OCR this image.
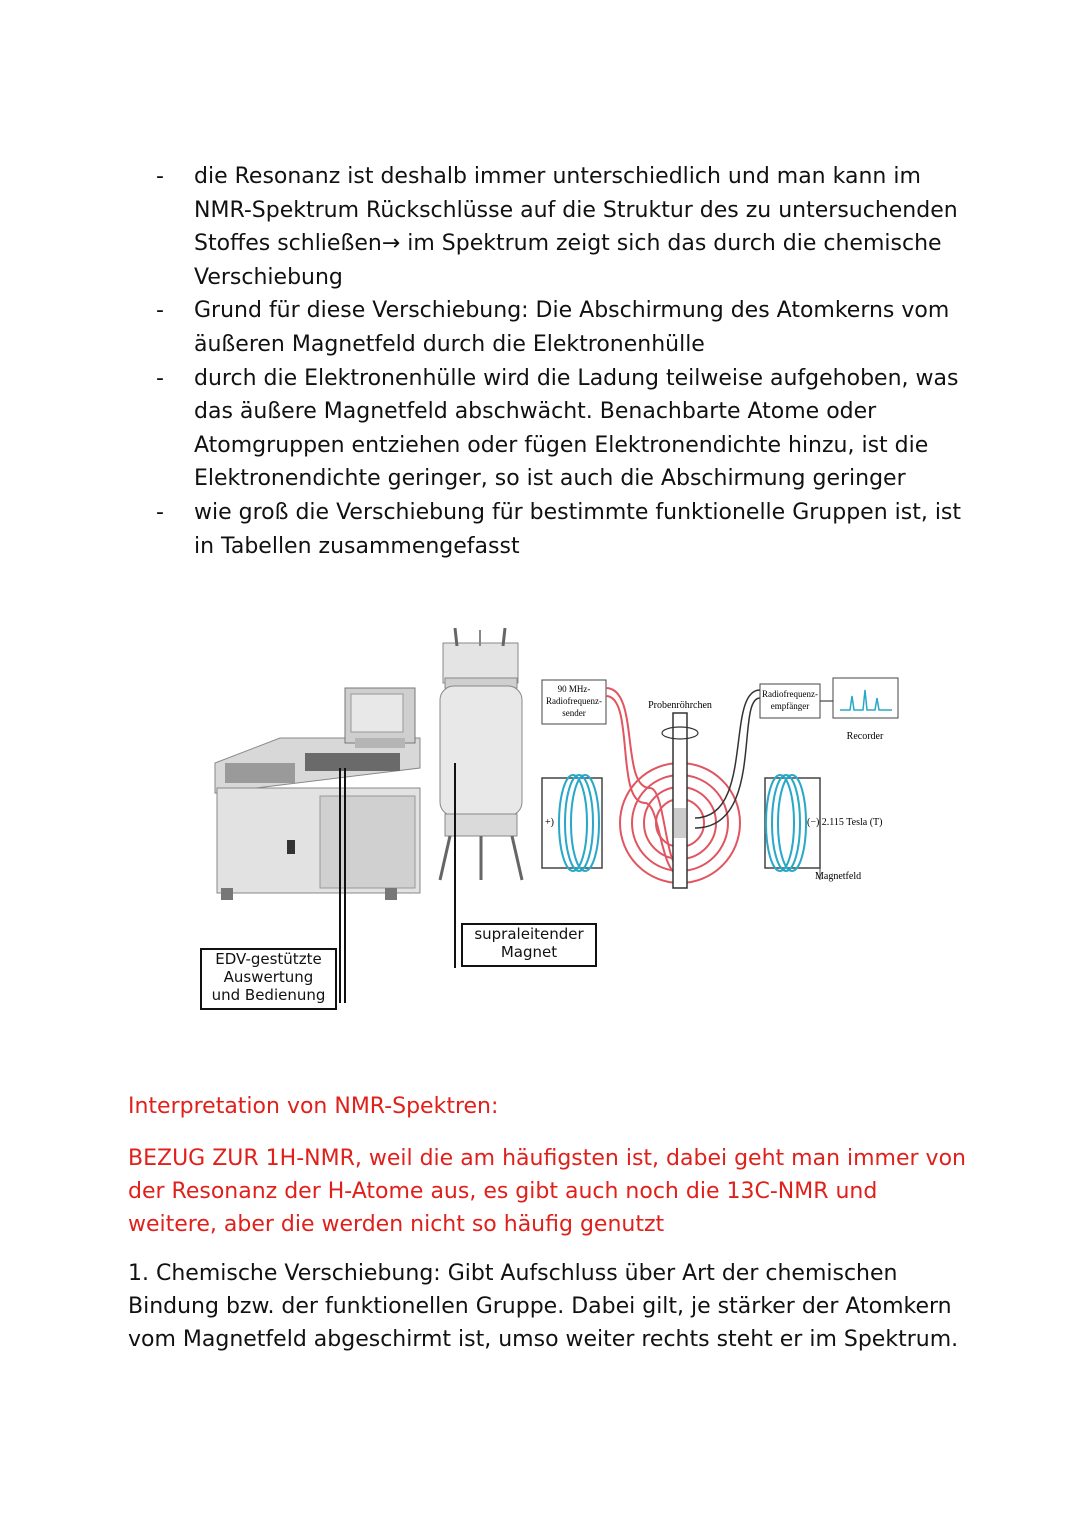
- die Resonanz ist deshalb immer unterschiedlich und man kann im NMR-Spektrum Rückschlüsse auf die Struktur des zu untersuchenden Stoffes schließen→ im Spektrum zeigt sich das durch die chemische Verschiebung
- Grund für diese Verschiebung: Die Abschirmung des Atomkerns vom äußeren Magnetfeld durch die Elektronenhülle
- durch die Elektronenhülle wird die Ladung teilweise aufgehoben, was das äußere Magnetfeld abschwächt. Benachbarte Atome oder Atomgruppen entziehen oder fügen Elektronendichte hinzu, ist die Elektronendichte geringer, so ist auch die Abschirmung geringer
- wie groß die Verschiebung für bestimmte funktionelle Gruppen ist, ist in Tabellen zusammengefasst
90 MHz-
Radiofrequenz-
sender
+)
Probenröhrchen
Radiofrequenz-
empfänger
Recorder
(−) 2.115 Tesla (T)
Magnetfeld
supraleitender
Magnet
EDV-gestützte
Auswertung
und Bedienung
Interpretation von NMR-Spektren:
BEZUG ZUR 1H-NMR, weil die am häufigsten ist, dabei geht man immer von der Resonanz der H-Atome aus, es gibt auch noch die 13C-NMR und weitere, aber die werden nicht so häufig genutzt
1. Chemische Verschiebung: Gibt Aufschluss über Art der chemischen Bindung bzw. der funktionellen Gruppe. Dabei gilt, je stärker der Atomkern vom Magnetfeld abgeschirmt ist, umso weiter rechts steht er im Spektrum.
